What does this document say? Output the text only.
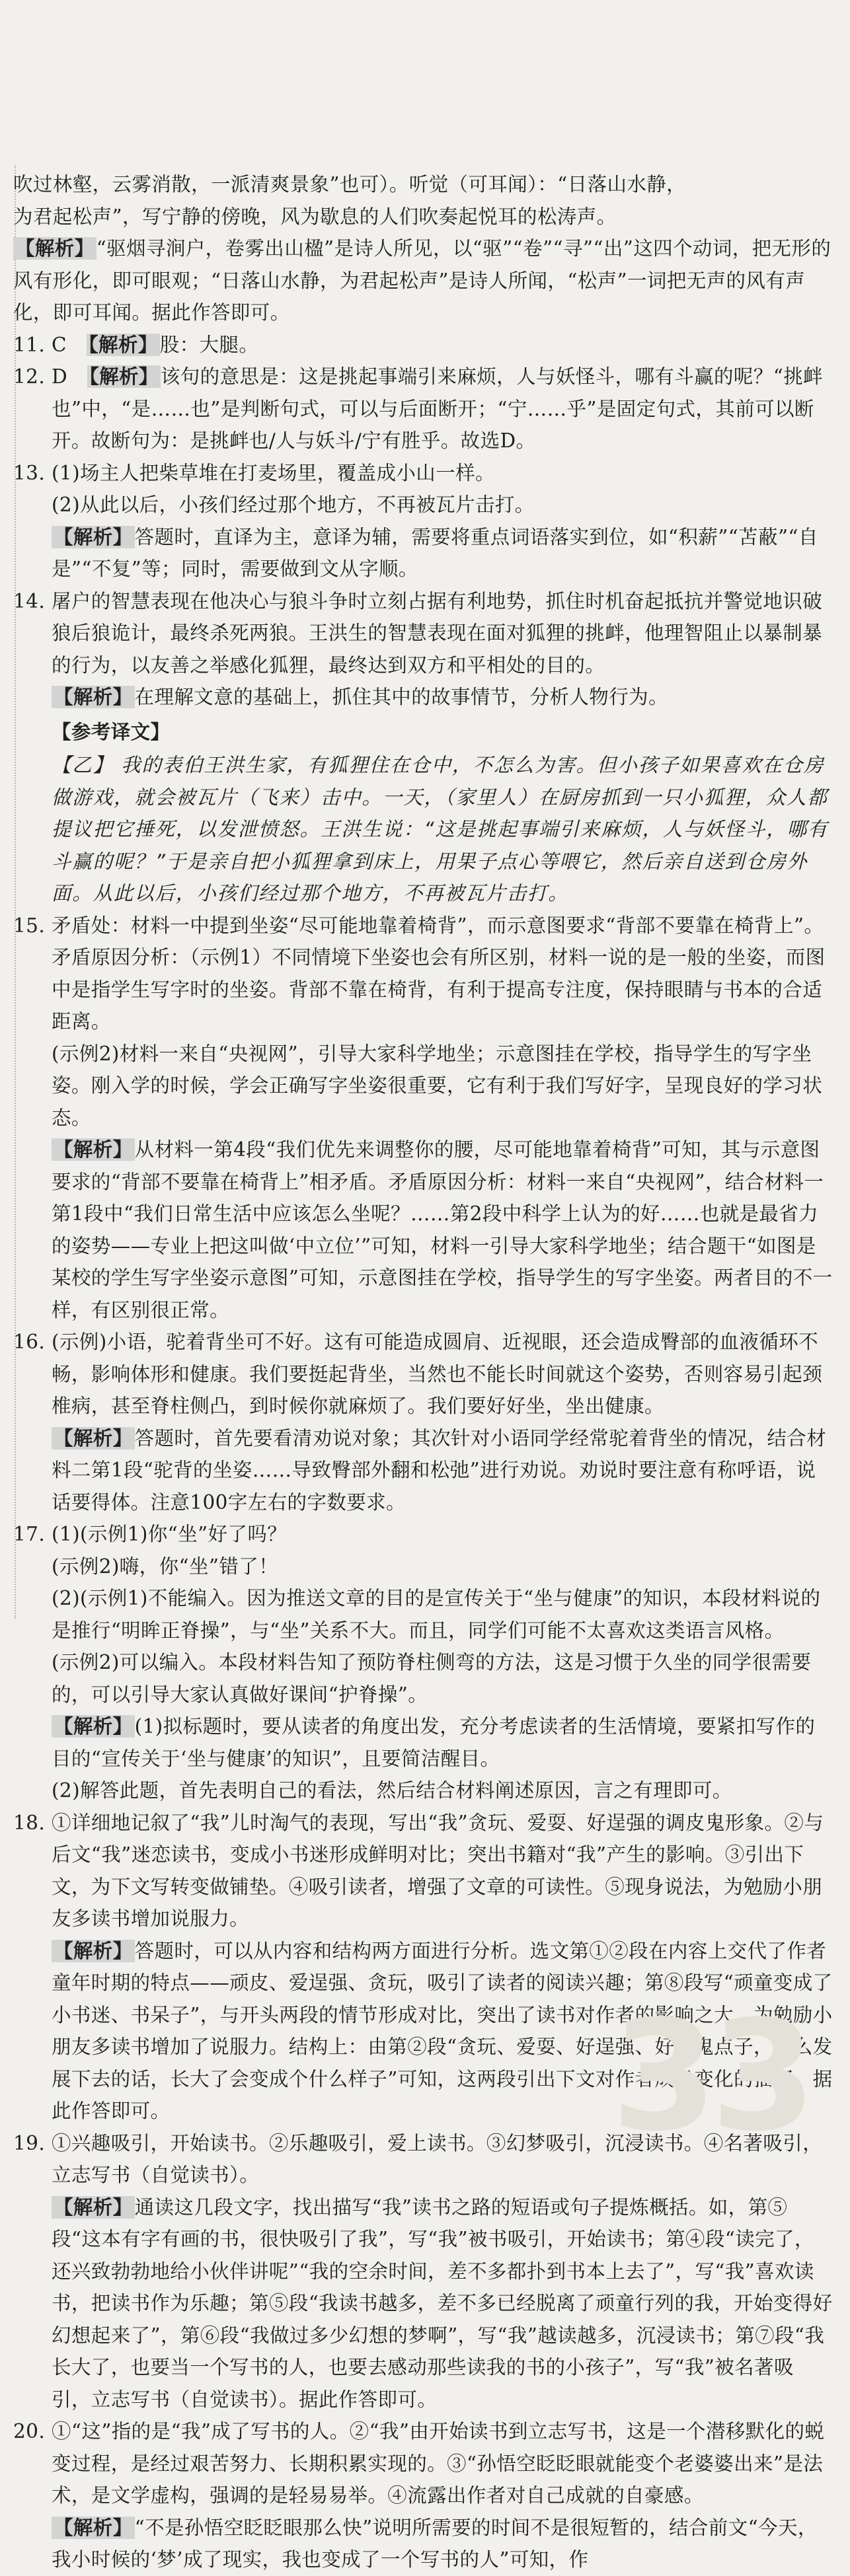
吹过林壑，云雾消散，一派清爽景象”也可）。听觉（可耳闻）：“日落山水静，

为君起松声”，写宁静的傍晚，风为歇息的人们吹奏起悦耳的松涛声。

【解析】 “驱烟寻涧户，卷雾出山楹”是诗人所见，以“驱”“卷”“寻”“出”这四个动词，把无形的风有形化，即可眼观；“日落山水静，为君起松声”是诗人所闻，“松声”一词把无声的风有声化，即可耳闻。据此作答即可。

11. C　 【解析】 股：大腿。
12. D　 【解析】 该句的意思是：这是挑起事端引来麻烦，人与妖怪斗，哪有斗赢的呢？“挑衅也”中，“是……也”是判断句式，可以与后面断开；“宁……乎”是固定句式，其前可以断开。故断句为：是挑衅也/人与妖斗/宁有胜乎。故选D。
13. (1)场主人把柴草堆在打麦场里，覆盖成小山一样。
(2)从此以后，小孩们经过那个地方，不再被瓦片击打。
【解析】 答题时，直译为主，意译为辅，需要将重点词语落实到位，如“积薪”“苫蔽”“自是”“不复”等；同时，需要做到文从字顺。
14. 屠户的智慧表现在他决心与狼斗争时立刻占据有利地势，抓住时机奋起抵抗并警觉地识破狼后狼诡计，最终杀死两狼。王洪生的智慧表现在面对狐狸的挑衅，他理智阻止以暴制暴的行为，以友善之举感化狐狸，最终达到双方和平相处的目的。
【解析】 在理解文意的基础上，抓住其中的故事情节，分析人物行为。
【参考译文】
【乙】 我的表伯王洪生家，有狐狸住在仓中，不怎么为害。但小孩子如果喜欢在仓房做游戏，就会被瓦片（飞来）击中。一天，（家里人）在厨房抓到一只小狐狸，众人都提议把它捶死，以发泄愤怒。王洪生说：“这是挑起事端引来麻烦，人与妖怪斗，哪有斗赢的呢？”于是亲自把小狐狸拿到床上，用果子点心等喂它，然后亲自送到仓房外面。从此以后，小孩们经过那个地方，不再被瓦片击打。
15. 矛盾处：材料一中提到坐姿“尽可能地靠着椅背”，而示意图要求“背部不要靠在椅背上”。
矛盾原因分析：（示例1）不同情境下坐姿也会有所区别，材料一说的是一般的坐姿，而图中是指学生写字时的坐姿。背部不靠在椅背，有利于提高专注度，保持眼睛与书本的合适距离。
(示例2)材料一来自“央视网”，引导大家科学地坐；示意图挂在学校，指导学生的写字坐姿。刚入学的时候，学会正确写字坐姿很重要，它有利于我们写好字，呈现良好的学习状态。
【解析】 从材料一第4段“我们优先来调整你的腰，尽可能地靠着椅背”可知，其与示意图要求的“背部不要靠在椅背上”相矛盾。矛盾原因分析：材料一来自“央视网”，结合材料一第1段中“我们日常生活中应该怎么坐呢？……第2段中科学上认为的好……也就是最省力的姿势——专业上把这叫做‘中立位’”可知，材料一引导大家科学地坐；结合题干“如图是某校的学生写字坐姿示意图”可知，示意图挂在学校，指导学生的写字坐姿。两者目的不一样，有区别很正常。
16. (示例)小语，驼着背坐可不好。这有可能造成圆肩、近视眼，还会造成臀部的血液循环不畅，影响体形和健康。我们要挺起背坐，当然也不能长时间就这个姿势，否则容易引起颈椎病，甚至脊柱侧凸，到时候你就麻烦了。我们要好好坐，坐出健康。
【解析】 答题时，首先要看清劝说对象；其次针对小语同学经常驼着背坐的情况，结合材料二第1段“驼背的坐姿……导致臀部外翻和松弛”进行劝说。劝说时要注意有称呼语，说话要得体。注意100字左右的字数要求。
17. (1)(示例1)你“坐”好了吗？
(示例2)嗨，你“坐”错了！
(2)(示例1)不能编入。因为推送文章的目的是宣传关于“坐与健康”的知识，本段材料说的是推行“明眸正脊操”，与“坐”关系不大。而且，同学们可能不太喜欢这类语言风格。
(示例2)可以编入。本段材料告知了预防脊柱侧弯的方法，这是习惯于久坐的同学很需要的，可以引导大家认真做好课间“护脊操”。
【解析】 (1)拟标题时，要从读者的角度出发，充分考虑读者的生活情境，要紧扣写作的目的“宣传关于‘坐与健康’的知识”，且要简洁醒目。
(2)解答此题，首先表明自己的看法，然后结合材料阐述原因，言之有理即可。
18. ①详细地记叙了“我”儿时淘气的表现，写出“我”贪玩、爱耍、好逞强的调皮鬼形象。②与后文“我”迷恋读书，变成小书迷形成鲜明对比；突出书籍对“我”产生的影响。③引出下文，为下文写转变做铺垫。④吸引读者，增强了文章的可读性。⑤现身说法，为勉励小朋友多读书增加说服力。
【解析】 答题时，可以从内容和结构两方面进行分析。选文第①②段在内容上交代了作者童年时期的特点——顽皮、爱逞强、贪玩，吸引了读者的阅读兴趣；第⑧段写“顽童变成了小书迷、书呆子”，与开头两段的情节形成对比，突出了读书对作者的影响之大，为勉励小朋友多读书增加了说服力。结构上：由第②段“贪玩、爱耍、好逞强、好出鬼点子，这么发展下去的话，长大了会变成个什么样子”可知，这两段引出下文对作者成长变化的描写。据此作答即可。
19. ①兴趣吸引，开始读书。②乐趣吸引，爱上读书。③幻梦吸引，沉浸读书。④名著吸引，立志写书（自觉读书）。
【解析】 通读这几段文字，找出描写“我”读书之路的短语或句子提炼概括。如，第⑤段“这本有字有画的书，很快吸引了我”，写“我”被书吸引，开始读书；第④段“读完了，还兴致勃勃地给小伙伴讲呢”“我的空余时间，差不多都扑到书本上去了”，写“我”喜欢读书，把读书作为乐趣；第⑤段“我读书越多，差不多已经脱离了顽童行列的我，开始变得好幻想起来了”，第⑥段“我做过多少幻想的梦啊”，写“我”越读越多，沉浸读书；第⑦段“我长大了，也要当一个写书的人，也要去感动那些读我的书的小孩子”，写“我”被名著吸引，立志写书（自觉读书）。据此作答即可。
20. ①“这”指的是“我”成了写书的人。②“我”由开始读书到立志写书，这是一个潜移默化的蜕变过程，是经过艰苦努力、长期积累实现的。③“孙悟空眨眨眼就能变个老婆婆出来”是法术，是文学虚构，强调的是轻易易举。④流露出作者对自己成就的自豪感。
【解析】 “不是孙悟空眨眨眼那么快”说明所需要的时间不是很短暂的，结合前文“今天，我小时候的‘梦’成了现实，我也变成了一个写书的人”可知，作
33
